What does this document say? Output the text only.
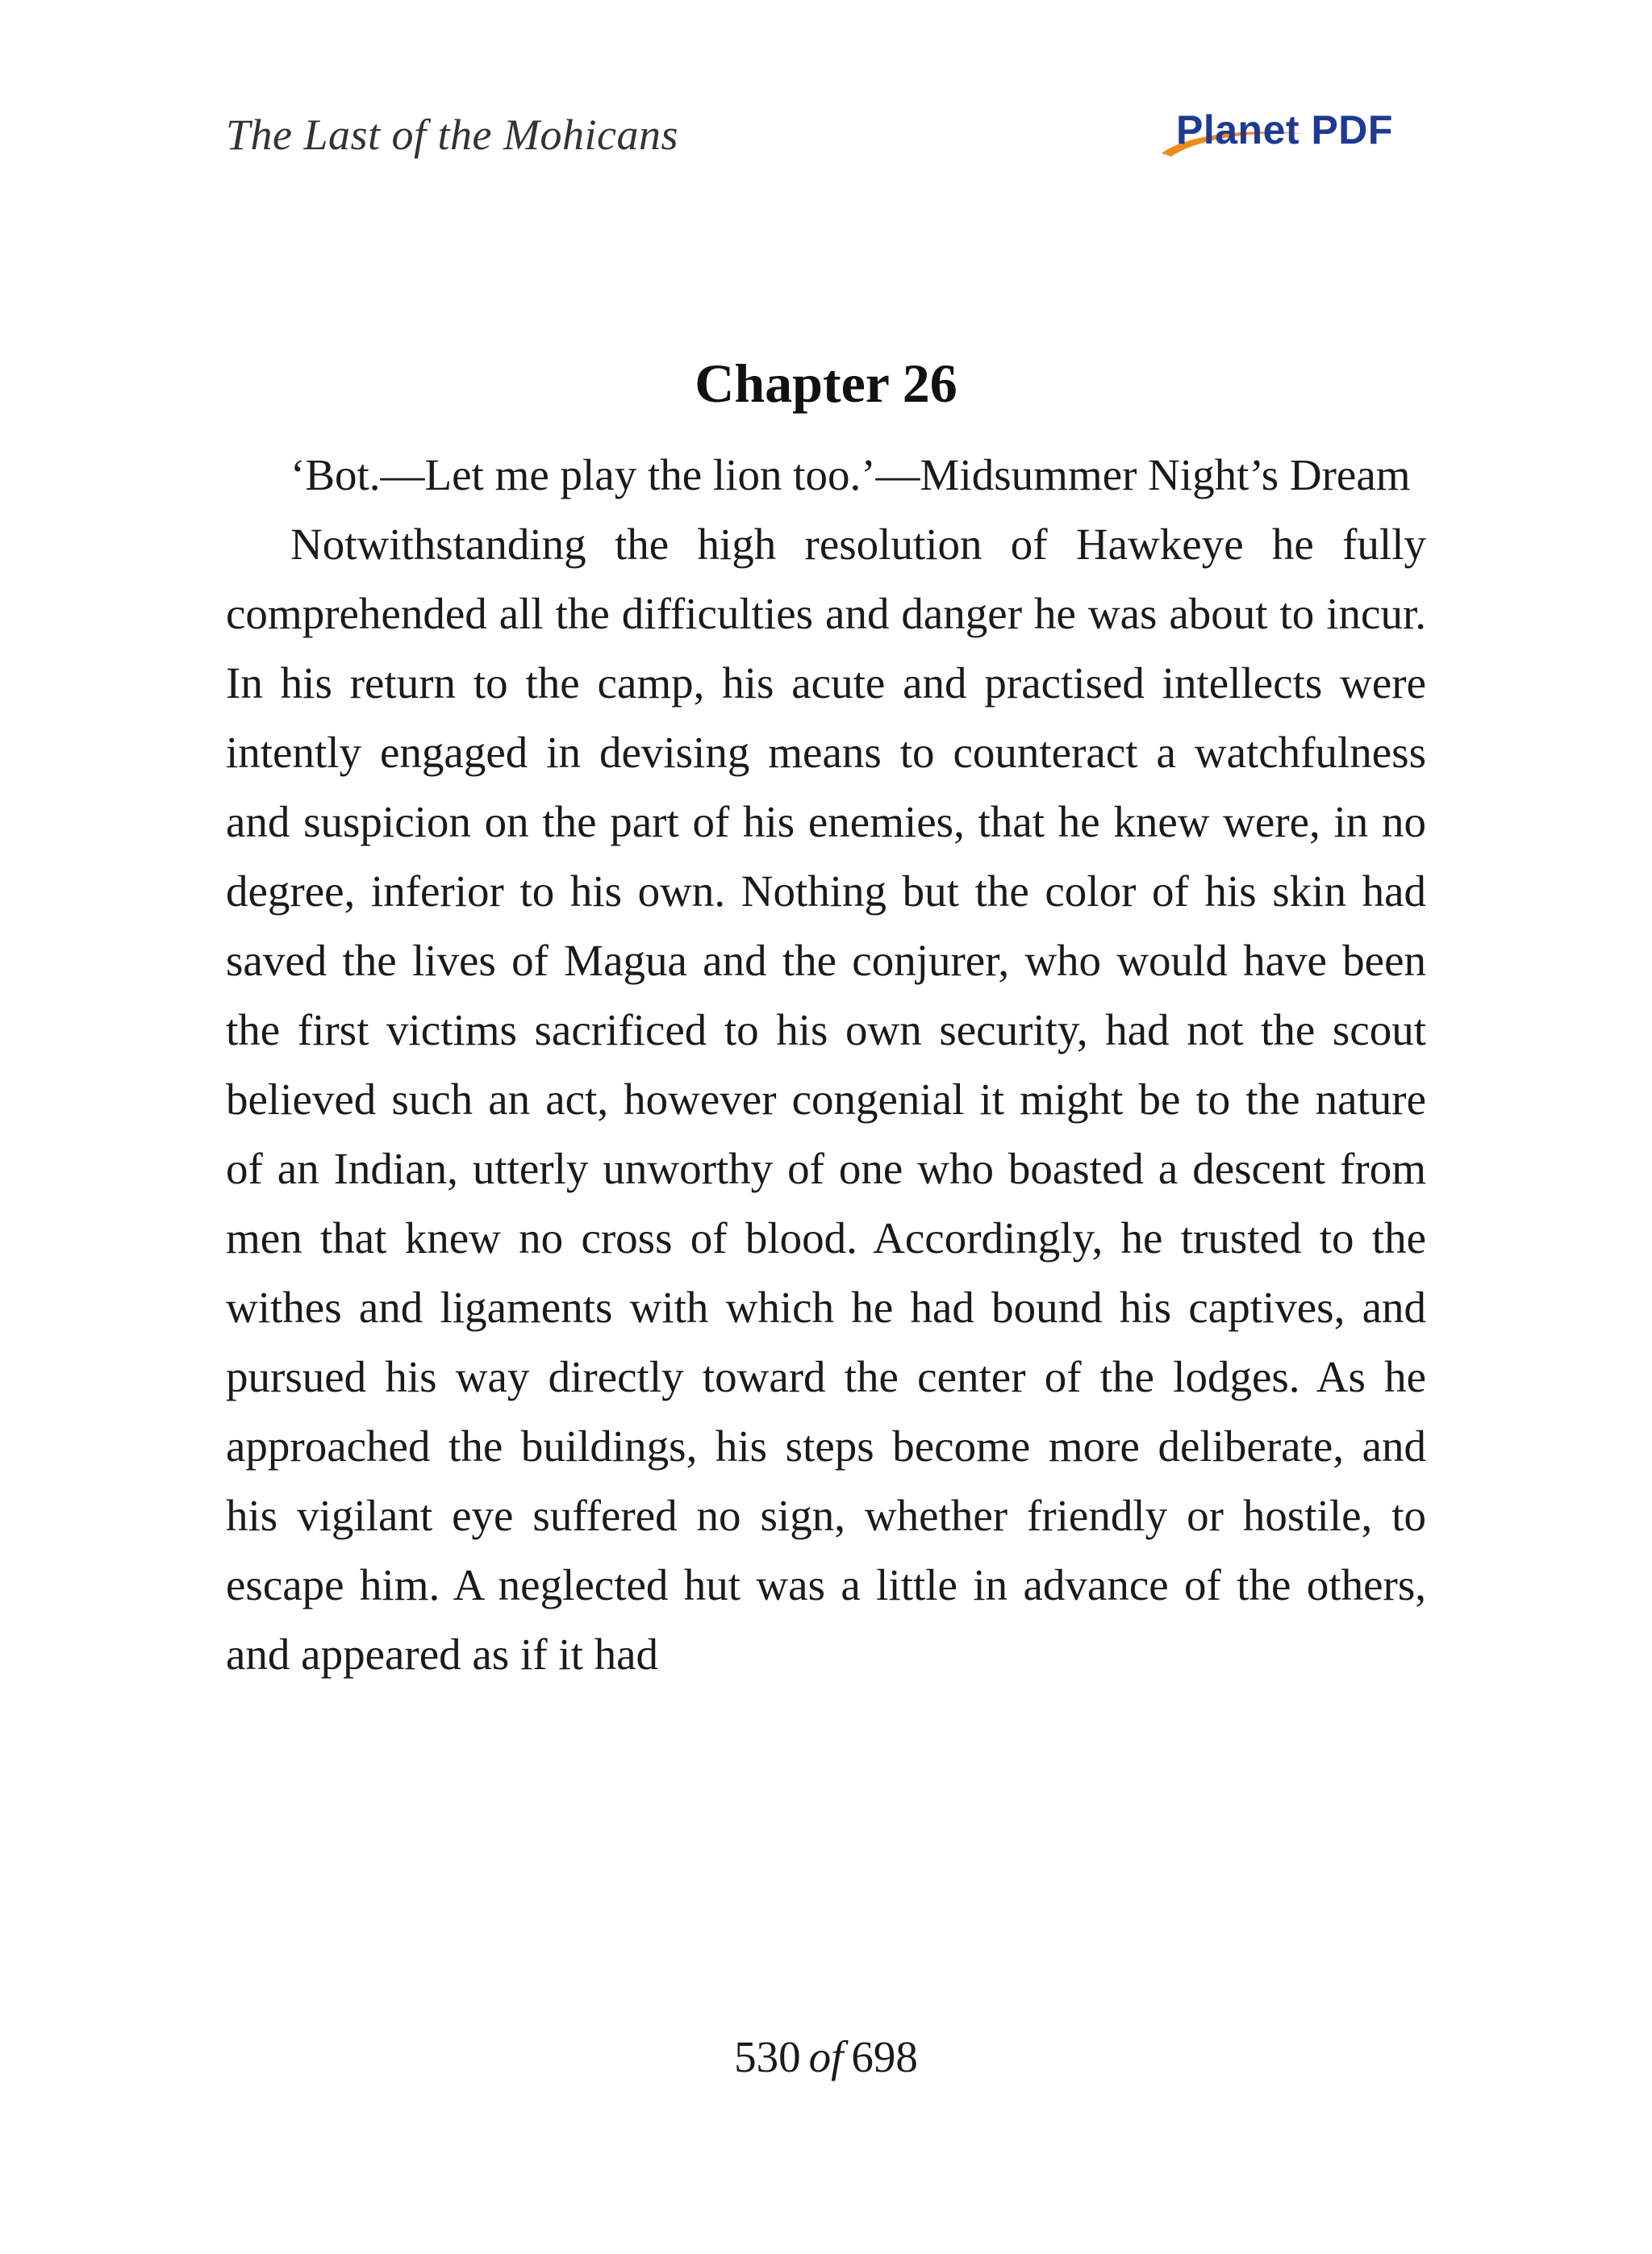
The Last of the Mohicans	Planet PDF
Chapter 26

‘Bot.—Let me play the lion too.’—Midsummer Night’s Dream

Notwithstanding the high resolution of Hawkeye he fully comprehended all the difficulties and danger he was about to incur. In his return to the camp, his acute and practised intellects were intently engaged in devising means to counteract a watchfulness and suspicion on the part of his enemies, that he knew were, in no degree, inferior to his own. Nothing but the color of his skin had saved the lives of Magua and the conjurer, who would have been the first victims sacrificed to his own security, had not the scout believed such an act, however congenial it might be to the nature of an Indian, utterly unworthy of one who boasted a descent from men that knew no cross of blood. Accordingly, he trusted to the withes and ligaments with which he had bound his captives, and pursued his way directly toward the center of the lodges. As he approached the buildings, his steps become more deliberate, and his vigilant eye suffered no sign, whether friendly or hostile, to escape him. A neglected hut was a little in advance of the others, and appeared as if it had

530 of 698
